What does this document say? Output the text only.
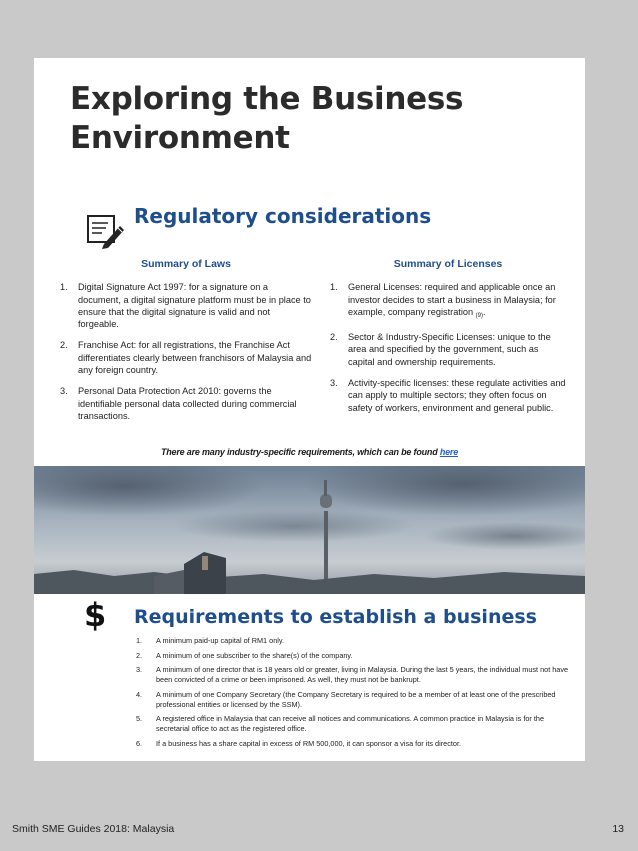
Exploring the Business Environment
Regulatory considerations
Summary of Laws
1. Digital Signature Act 1997: for a signature on a document, a digital signature platform must be in place to ensure that the digital signature is valid and not forgeable.
2. Franchise Act: for all registrations, the Franchise Act differentiates clearly between franchisors of Malaysia and any foreign country.
3. Personal Data Protection Act 2010: governs the identifiable personal data collected during commercial transactions.
Summary of Licenses
1. General Licenses: required and applicable once an investor decides to start a business in Malaysia; for example, company registration $_{(9)}$.
2. Sector & Industry-Specific Licenses: unique to the area and specified by the government, such as capital and ownership requirements.
3. Activity-specific licenses: these regulate activities and can apply to multiple sectors; they often focus on safety of workers, environment and general public.
There are many industry-specific requirements, which can be found here
$ Requirements to establish a business
1. A minimum paid-up capital of RM1 only.
2. A minimum of one subscriber to the share(s) of the company.
3. A minimum of one director that is 18 years old or greater, living in Malaysia. During the last 5 years, the individual must not have been convicted of a crime or been imprisoned. As well, they must not be bankrupt.
4. A minimum of one Company Secretary (the Company Secretary is required to be a member of at least one of the prescribed professional entities or licensed by the SSM).
5. A registered office in Malaysia that can receive all notices and communications. A common practice in Malaysia is for the secretarial office to act as the registered office.
6. If a business has a share capital in excess of RM 500,000, it can sponsor a visa for its director.
Smith SME Guides 2018: Malaysia	13
